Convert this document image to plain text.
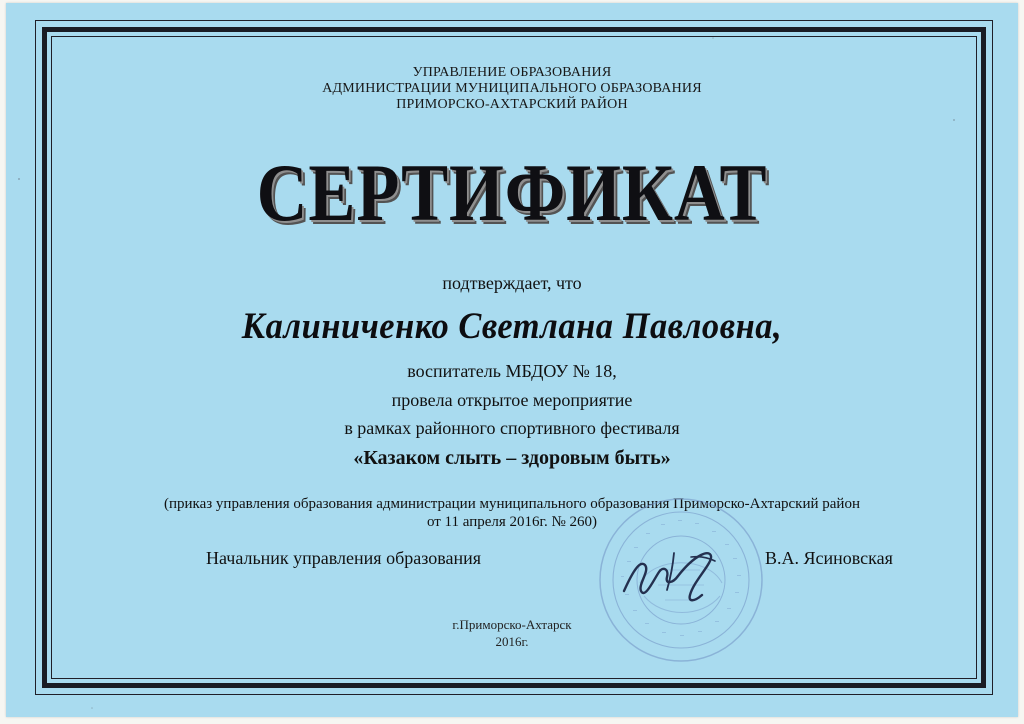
УПРАВЛЕНИЕ ОБРАЗОВАНИЯ
АДМИНИСТРАЦИИ МУНИЦИПАЛЬНОГО ОБРАЗОВАНИЯ
ПРИМОРСКО-АХТАРСКИЙ РАЙОН
СЕРТИФИКАТ
подтверждает, что
Калиниченко Светлана Павловна,
воспитатель МБДОУ № 18,
провела открытое мероприятие
в рамках районного спортивного фестиваля
«Казаком слыть – здоровым быть»
(приказ управления образования администрации муниципального образования Приморско-Ахтарский район
от 11 апреля 2016г. № 260)
Начальник управления образования	В.А. Ясиновская
г.Приморско-Ахтарск
2016г.
